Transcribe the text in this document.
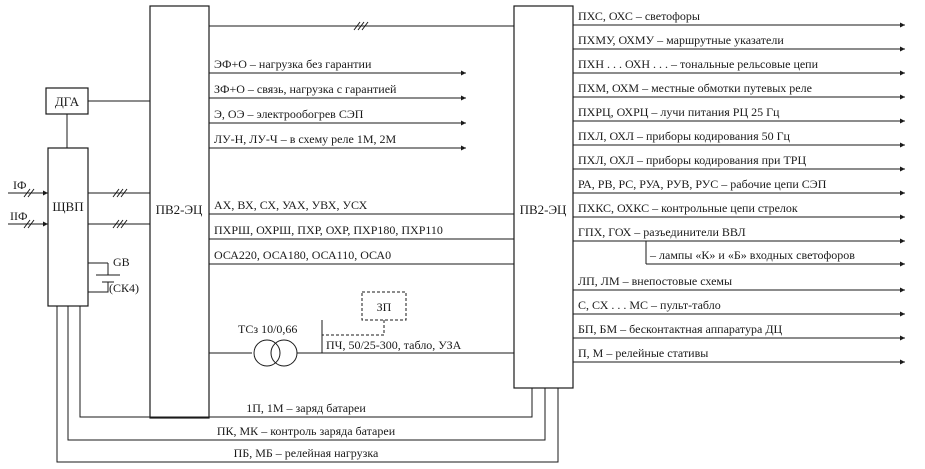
IФ
IIФ
ДГА
ЩВП
GB
(СК4)
ПВ2-ЭЦ
ЭФ+О – нагрузка без гарантии
ЗФ+О – связь, нагрузка с гарантией
Э, ОЭ – электрообогрев СЭП
ЛУ-Н, ЛУ-Ч – в схему реле 1М, 2М
АХ, ВХ, СХ, УАХ, УВХ, УСХ
ПХРШ, ОХРШ, ПХР, ОХР, ПХР180, ПХР110
ОСА220, ОСА180, ОСА110, ОСА0
ЗП
ТСз 10/0,66
ПЧ, 50/25-300, табло, УЗА
ПВ2-ЭЦ
ПХС, ОХС – светофоры
ПХМУ, ОХМУ – маршрутные указатели
ПХН . . . ОХН . . . – тональные рельсовые цепи
ПХМ, ОХМ – местные обмотки путевых реле
ПХРЦ, ОХРЦ – лучи питания РЦ 25 Гц
ПХЛ, ОХЛ – приборы кодирования 50 Гц
ПХЛ, ОХЛ – приборы кодирования при ТРЦ
РА, РВ, РС, РУА, РУВ, РУС – рабочие цепи СЭП
ПХКС, ОХКС – контрольные цепи стрелок
ГПХ, ГОХ – разъединители ВВЛ
– лампы «К» и «Б» входных светофоров
ЛП, ЛМ – внепостовые схемы
С, СХ . . . МС – пульт-табло
БП, БМ – бесконтактная аппаратура ДЦ
П, М – релейные стативы
1П, 1М – заряд батареи
ПК, МК – контроль заряда батареи
ПБ, МБ – релейная нагрузка
